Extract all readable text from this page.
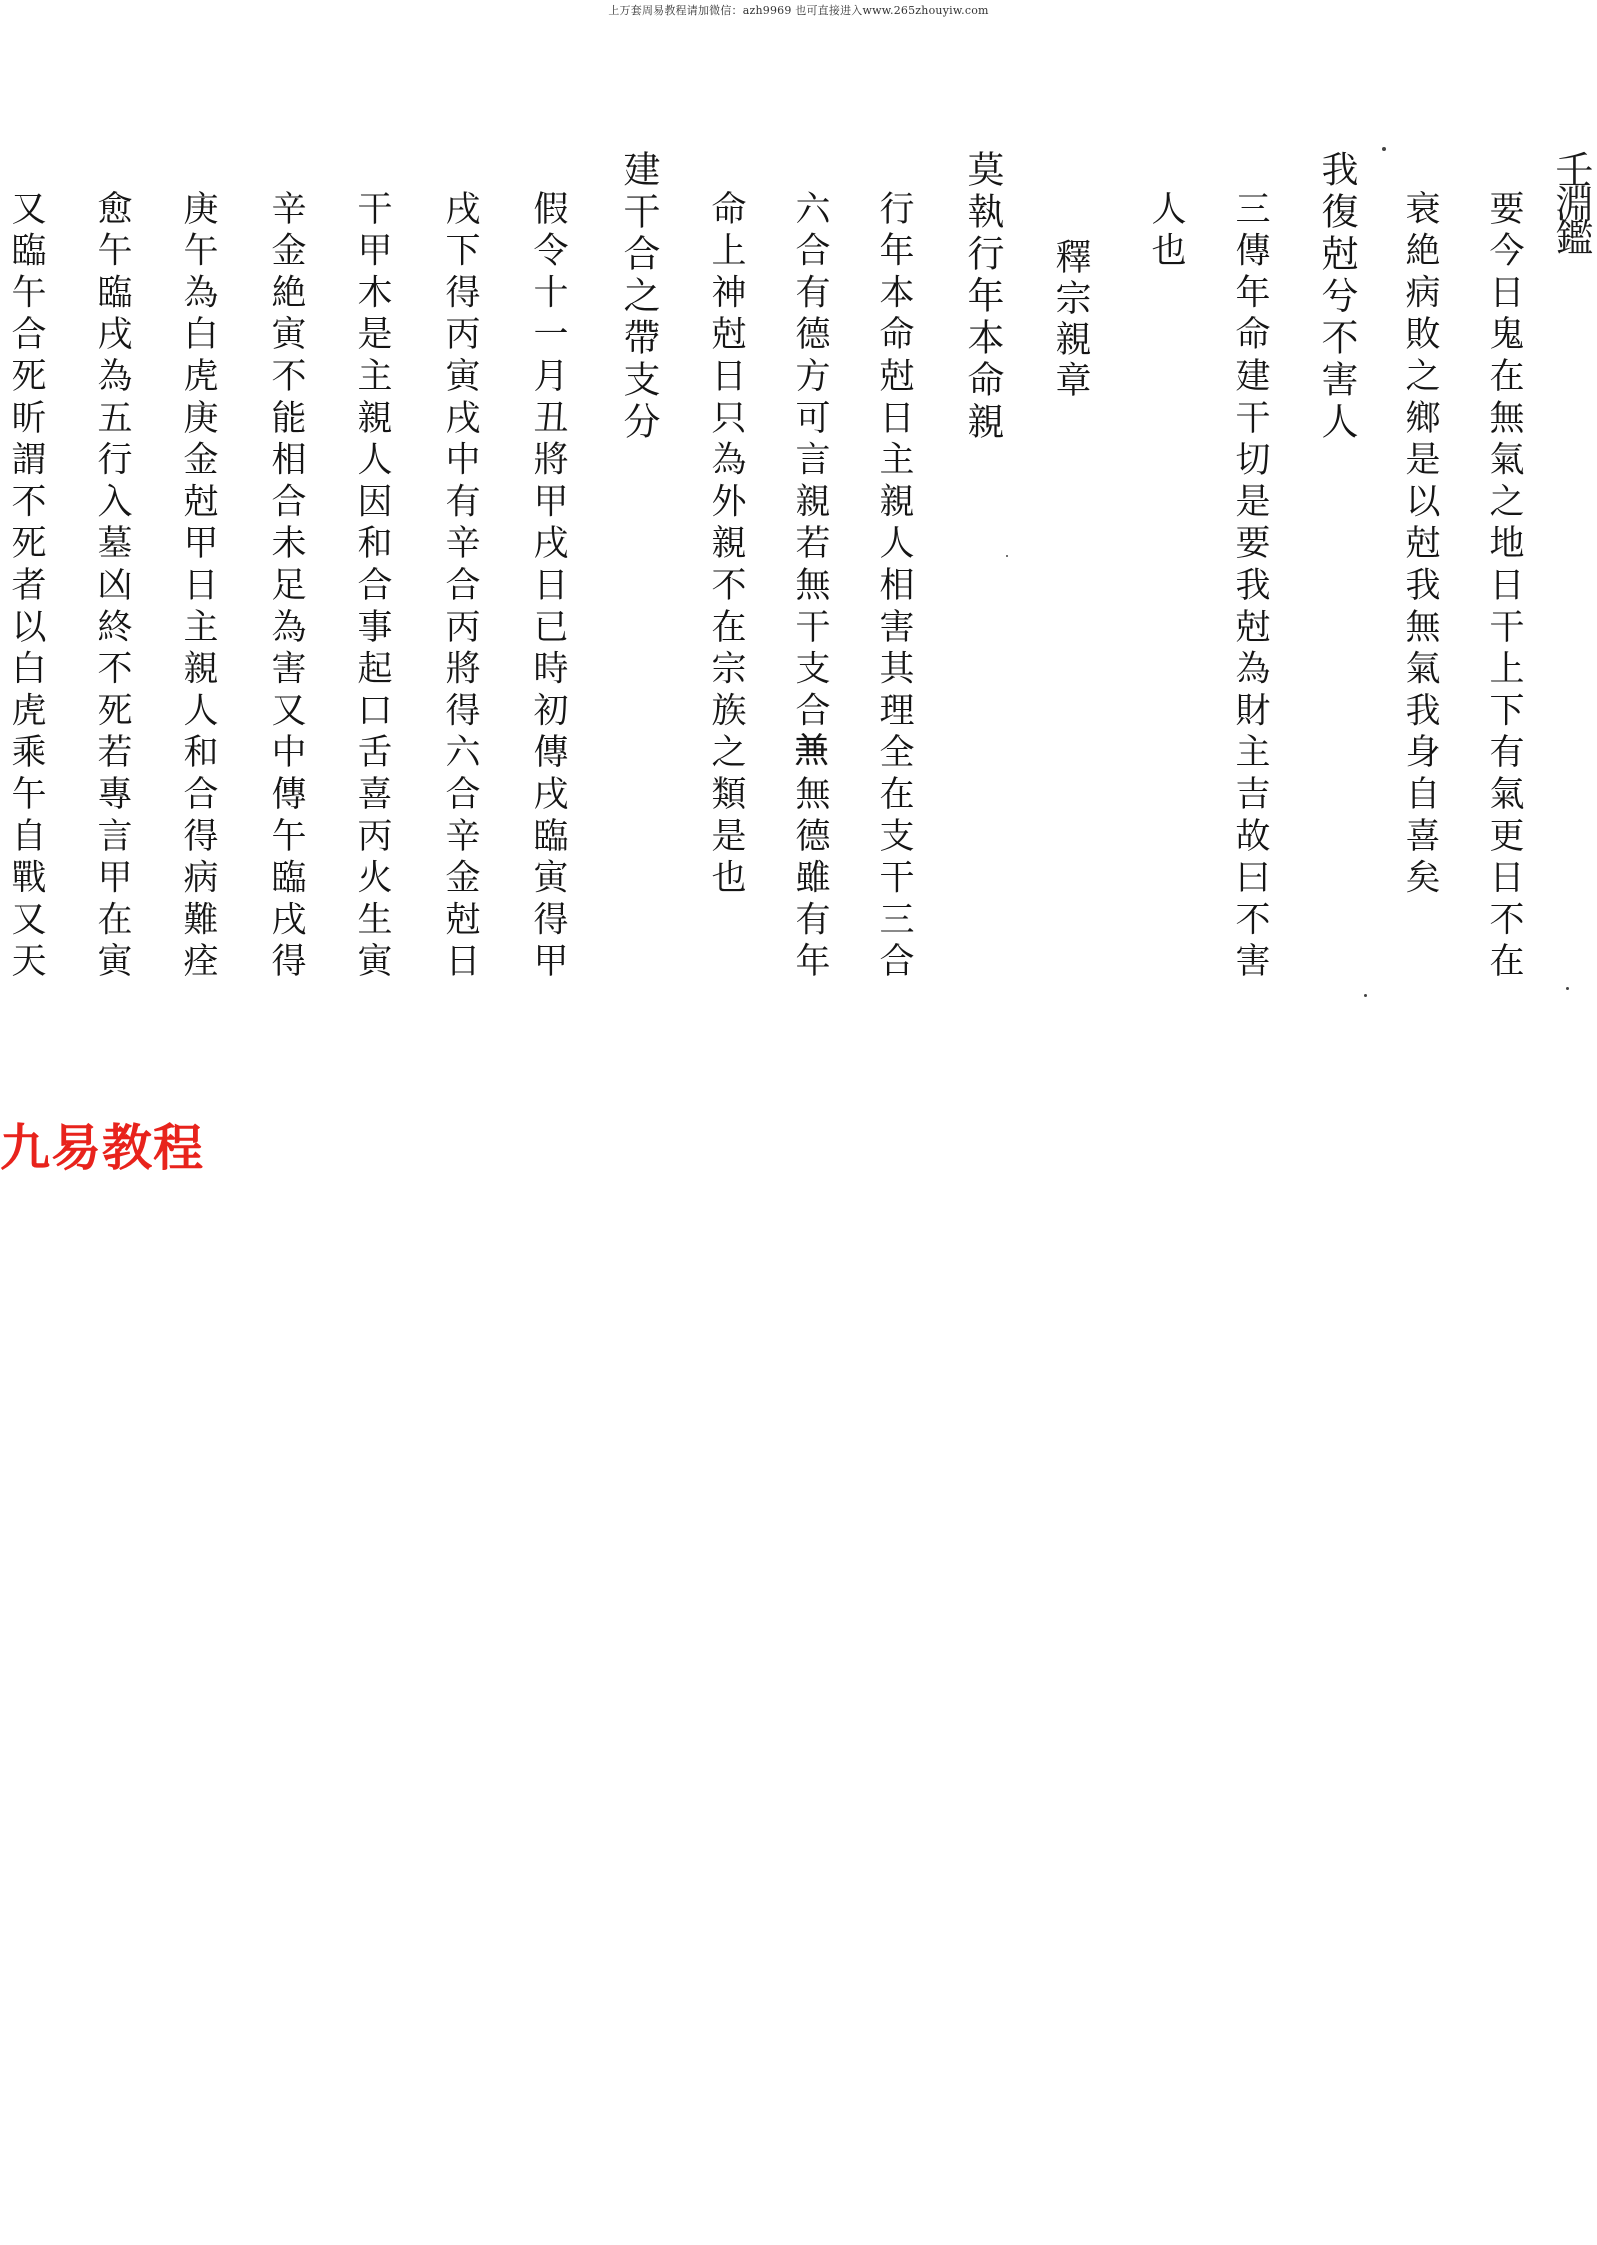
上万套周易教程请加微信：azh9969 也可直接进入www.265zhouyiw.com
壬淵鑑
要今日鬼在無氣之地日干上下有氣更日不在
衰絶病敗之鄉是以尅我無氣我身自喜矣
我復尅兮不害人
三傳年命建干切是要我尅為財主吉故曰不害
人也
釋宗親章
莫執行年本命親
行年本命尅日主親人相害其理全在支干三合
六合有德方可言親若無干支合𠔥無德雖有年
命上神尅日只為外親不在宗族之類是也
建干合之帶支分
假令十一月丑將甲戌日已時初傳戌臨寅得甲
戌下得丙寅戌中有辛合丙將得六合辛金尅日
干甲木是主親人因和合事起口舌喜丙火生寅
辛金絶寅不能相合未足為害又中傳午臨戌得
庚午為白虎庚金尅甲日主親人和合得病難痊
愈午臨戌為五行入墓凶終不死若專言甲在寅
又臨午合死昕謂不死者以白虎乘午自戰又天
九易教程
